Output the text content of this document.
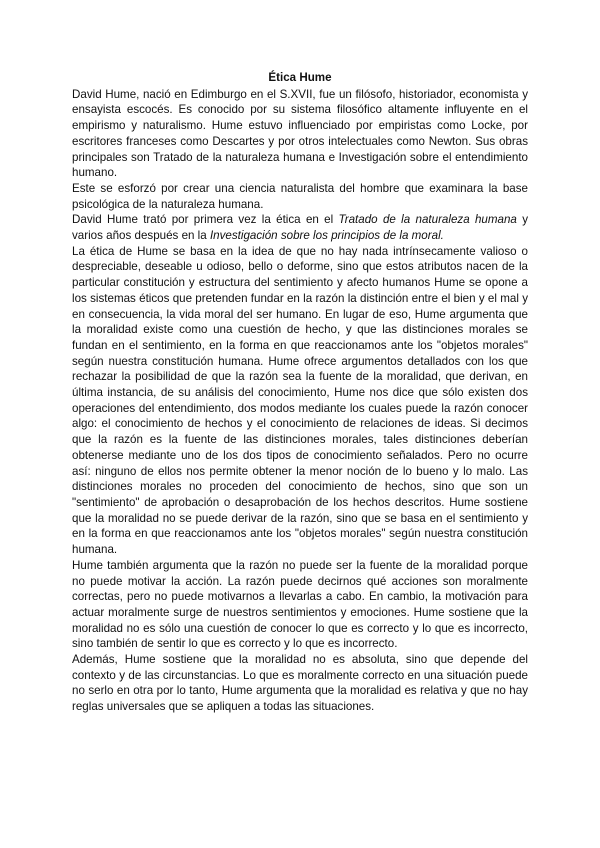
Ética Hume

David Hume, nació en Edimburgo en el S.XVII, fue un filósofo, historiador, economista y ensayista escocés. Es conocido por su sistema filosófico altamente influyente en el empirismo y naturalismo. Hume estuvo influenciado por empiristas como Locke, por escritores franceses como Descartes y por otros intelectuales como Newton. Sus obras principales son Tratado de la naturaleza humana e Investigación sobre el entendimiento humano.

Este se esforzó por crear una ciencia naturalista del hombre que examinara la base psicológica de la naturaleza humana.

David Hume trató por primera vez la ética en el Tratado de la naturaleza humana y varios años después en la Investigación sobre los principios de la moral.

La ética de Hume se basa en la idea de que no hay nada intrínsecamente valioso o despreciable, deseable u odioso, bello o deforme, sino que estos atributos nacen de la particular constitución y estructura del sentimiento y afecto humanos Hume se opone a los sistemas éticos que pretenden fundar en la razón la distinción entre el bien y el mal y en consecuencia, la vida moral del ser humano. En lugar de eso, Hume argumenta que la moralidad existe como una cuestión de hecho, y que las distinciones morales se fundan en el sentimiento, en la forma en que reaccionamos ante los "objetos morales" según nuestra constitución humana. Hume ofrece argumentos detallados con los que rechazar la posibilidad de que la razón sea la fuente de la moralidad, que derivan, en última instancia, de su análisis del conocimiento, Hume nos dice que sólo existen dos operaciones del entendimiento, dos modos mediante los cuales puede la razón conocer algo: el conocimiento de hechos y el conocimiento de relaciones de ideas. Si decimos que la razón es la fuente de las distinciones morales, tales distinciones deberían obtenerse mediante uno de los dos tipos de conocimiento señalados. Pero no ocurre así: ninguno de ellos nos permite obtener la menor noción de lo bueno y lo malo. Las distinciones morales no proceden del conocimiento de hechos, sino que son un "sentimiento" de aprobación o desaprobación de los hechos descritos. Hume sostiene que la moralidad no se puede derivar de la razón, sino que se basa en el sentimiento y en la forma en que reaccionamos ante los "objetos morales" según nuestra constitución humana.

Hume también argumenta que la razón no puede ser la fuente de la moralidad porque no puede motivar la acción. La razón puede decirnos qué acciones son moralmente correctas, pero no puede motivarnos a llevarlas a cabo. En cambio, la motivación para actuar moralmente surge de nuestros sentimientos y emociones. Hume sostiene que la moralidad no es sólo una cuestión de conocer lo que es correcto y lo que es incorrecto, sino también de sentir lo que es correcto y lo que es incorrecto.

Además, Hume sostiene que la moralidad no es absoluta, sino que depende del contexto y de las circunstancias. Lo que es moralmente correcto en una situación puede no serlo en otra por lo tanto, Hume argumenta que la moralidad es relativa y que no hay reglas universales que se apliquen a todas las situaciones.
